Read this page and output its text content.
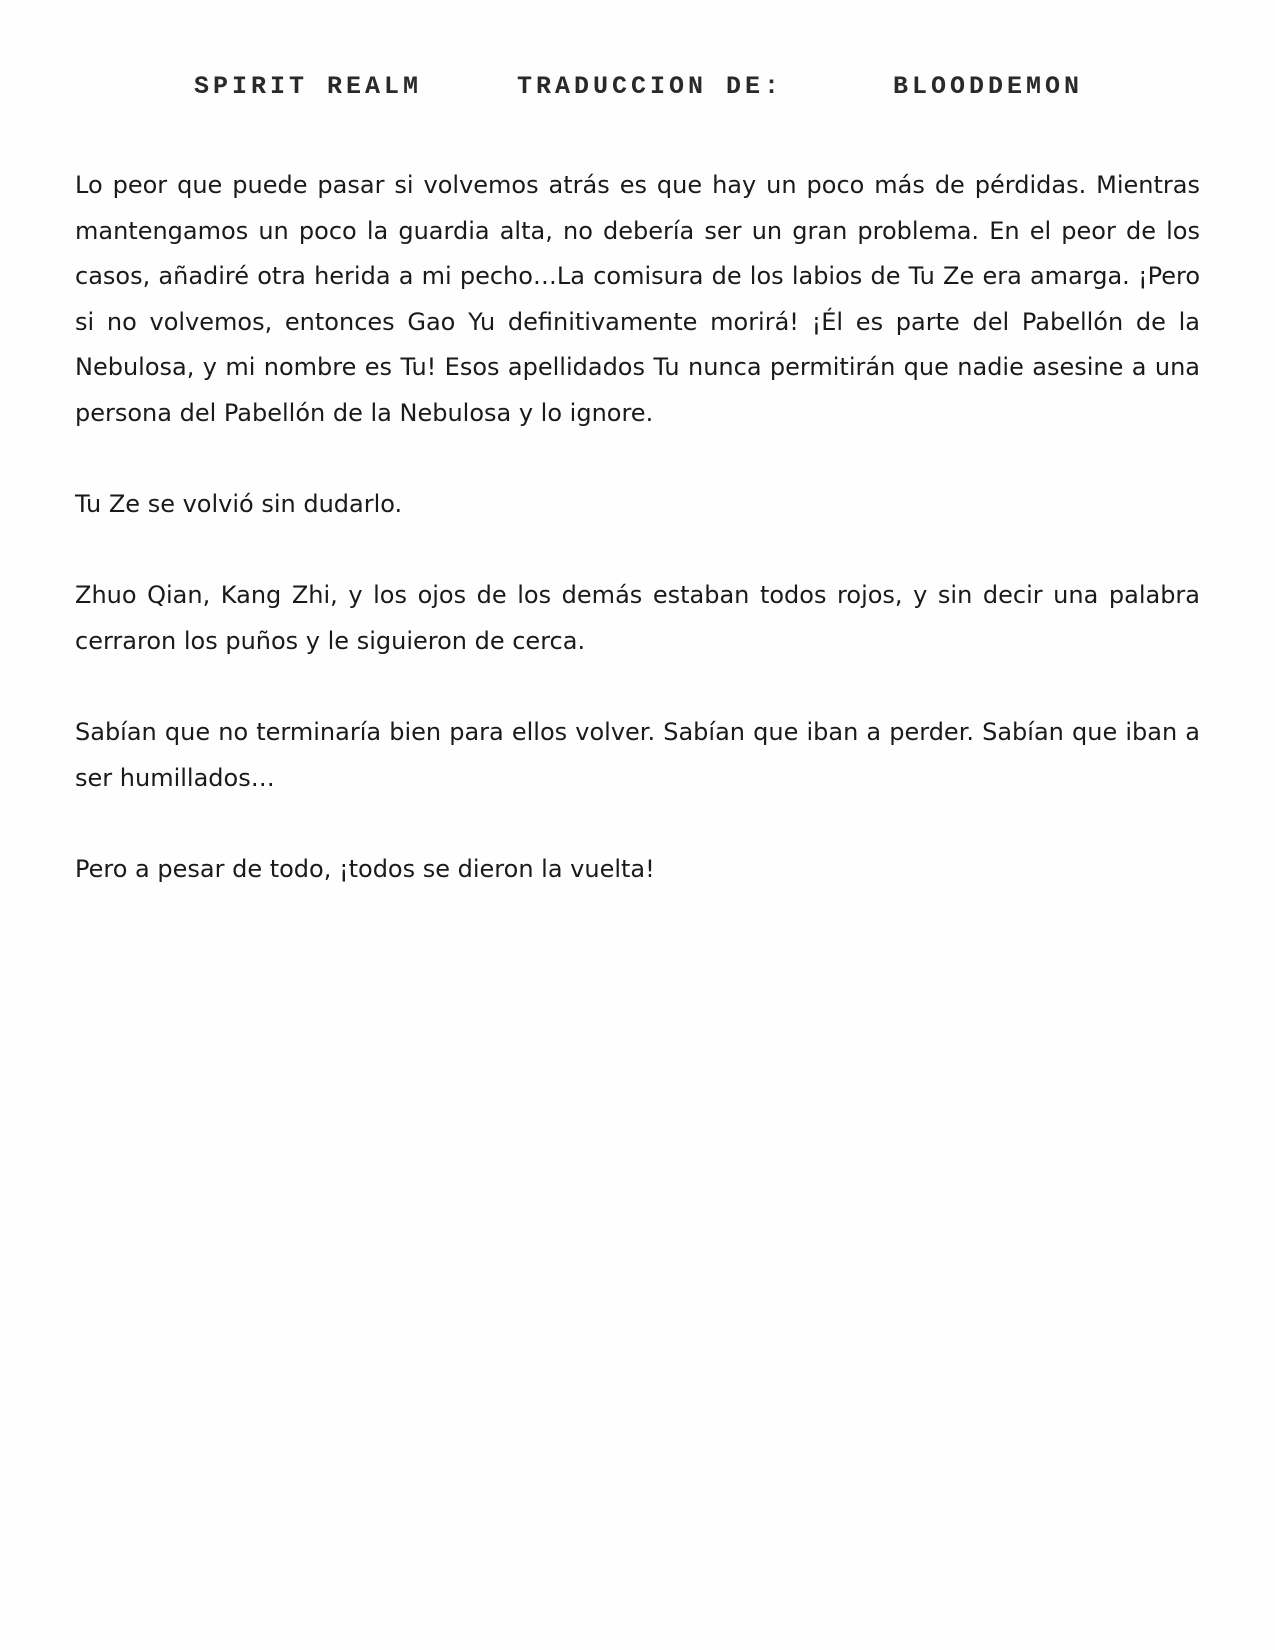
SPIRIT REALM	TRADUCCION DE:	BLOODDEMON

Lo peor que puede pasar si volvemos atrás es que hay un poco más de pérdidas. Mientras mantengamos un poco la guardia alta, no debería ser un gran problema. En el peor de los casos, añadiré otra herida a mi pecho…La comisura de los labios de Tu Ze era amarga. ¡Pero si no volvemos, entonces Gao Yu definitivamente morirá! ¡Él es parte del Pabellón de la Nebulosa, y mi nombre es Tu! Esos apellidados Tu nunca permitirán que nadie asesine a una persona del Pabellón de la Nebulosa y lo ignore.

Tu Ze se volvió sin dudarlo.

Zhuo Qian, Kang Zhi, y los ojos de los demás estaban todos rojos, y sin decir una palabra cerraron los puños y le siguieron de cerca.

Sabían que no terminaría bien para ellos volver. Sabían que iban a perder. Sabían que iban a ser humillados…

Pero a pesar de todo, ¡todos se dieron la vuelta!
